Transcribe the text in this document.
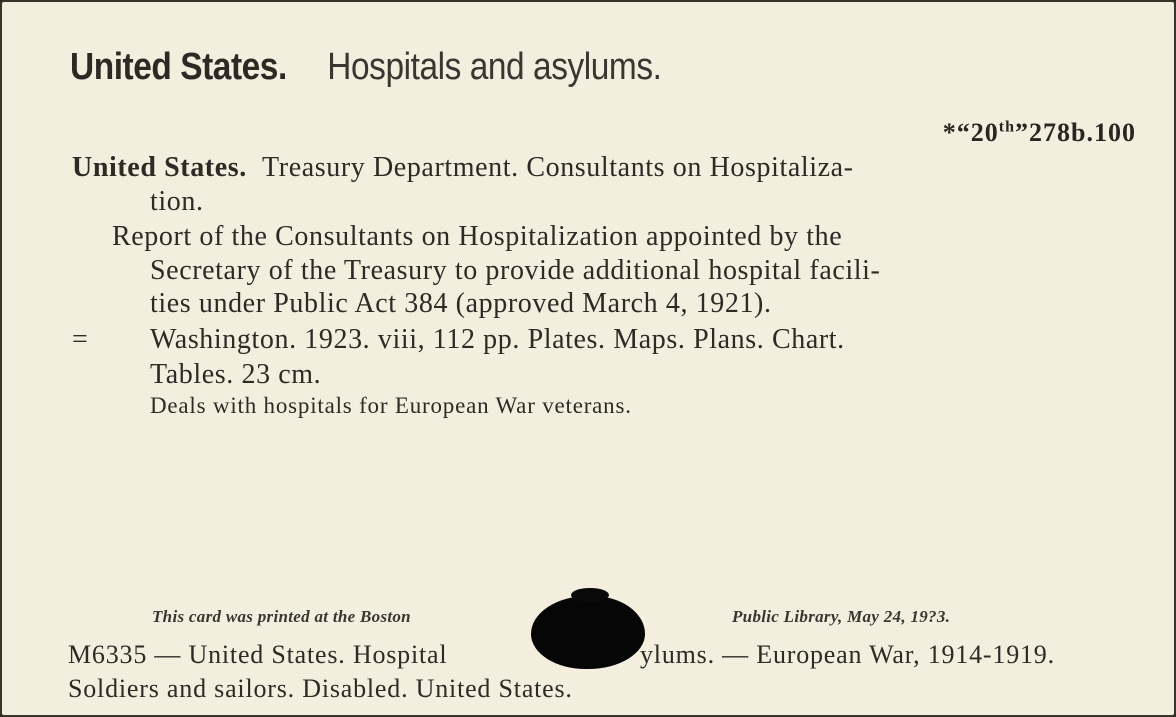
United States. Hospitals and asylums.
*“20th”278b.100
United States. Treasury Department. Consultants on Hospitaliza-
tion.
Report of the Consultants on Hospitalization appointed by the
Secretary of the Treasury to provide additional hospital facili-
ties under Public Act 384 (approved March 4, 1921).
= Washington. 1923. viii, 112 pp. Plates. Maps. Plans. Chart.
Tables. 23 cm.
Deals with hospitals for European War veterans.
This card was printed at the Boston	Public Library, May 24, 19?3.
M6335 — United States. Hospital	ylums. — European War, 1914-1919.
Soldiers and sailors. Disabled. United States.
